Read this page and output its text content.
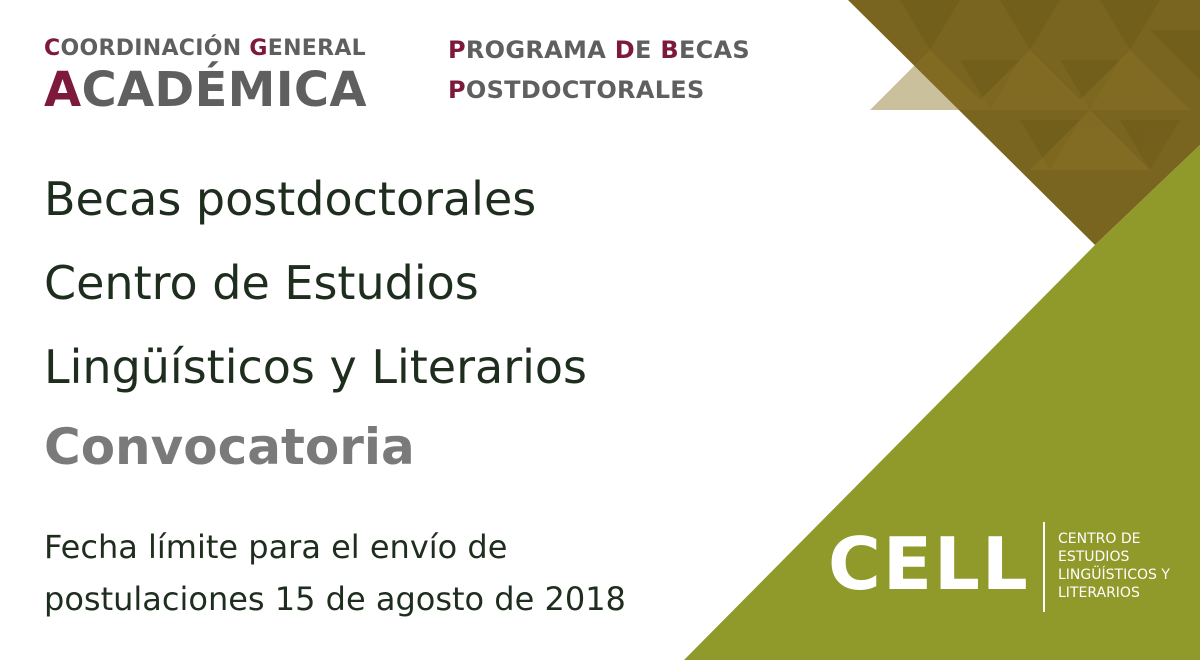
COORDINACIÓN GENERAL
ACADÉMICA
PROGRAMA DE BECAS
POSTDOCTORALES
Becas postdoctorales
Centro de Estudios
Lingüísticos y Literarios
Convocatoria
Fecha límite para el envío de
postulaciones 15 de agosto de 2018	CELL CENTRO DE
ESTUDIOS
LINGÜÍSTICOS Y
LITERARIOS
